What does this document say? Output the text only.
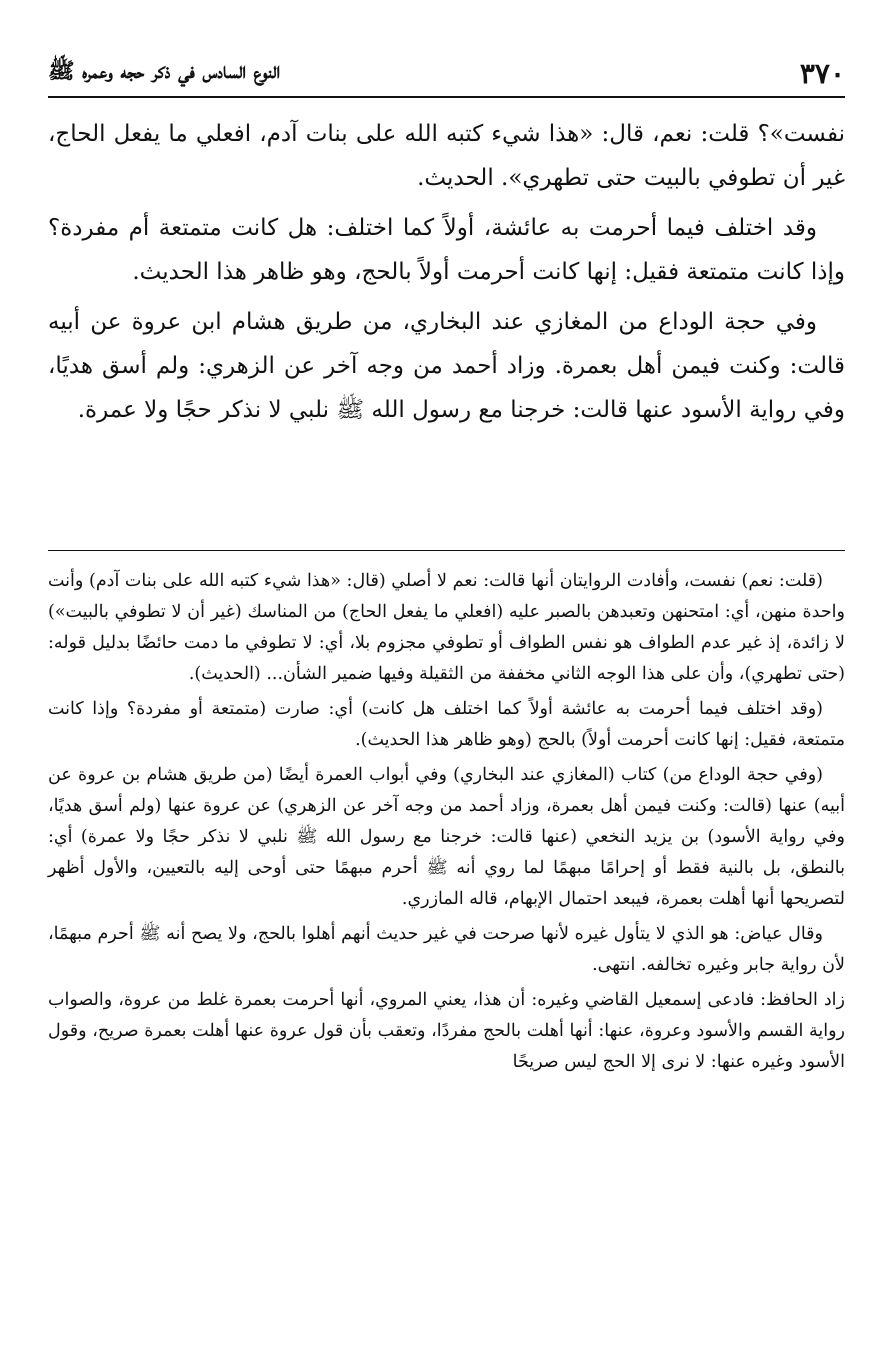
٣٧٠
النوع السادس في ذكر حجه وعمره ﷺ

نفست»؟ قلت: نعم، قال: «هذا شيء كتبه الله على بنات آدم، افعلي ما يفعل الحاج، غير أن تطوفي بالبيت حتى تطهري». الحديث.

وقد اختلف فيما أحرمت به عائشة، أولاً كما اختلف: هل كانت متمتعة أم مفردة؟ وإذا كانت متمتعة فقيل: إنها كانت أحرمت أولاً بالحج، وهو ظاهر هذا الحديث.

وفي حجة الوداع من المغازي عند البخاري، من طريق هشام ابن عروة عن أبيه قالت: وكنت فيمن أهل بعمرة. وزاد أحمد من وجه آخر عن الزهري: ولم أسق هديًا، وفي رواية الأسود عنها قالت: خرجنا مع رسول الله ﷺ نلبي لا نذكر حجًا ولا عمرة.

(قلت: نعم) نفست، وأفادت الروايتان أنها قالت: نعم لا أصلي (قال: «هذا شيء كتبه الله على بنات آدم) وأنت واحدة منهن، أي: امتحنهن وتعبدهن بالصبر عليه (افعلي ما يفعل الحاج) من المناسك (غير أن لا تطوفي بالبيت») لا زائدة، إذ غير عدم الطواف هو نفس الطواف أو تطوفي مجزوم بلا، أي: لا تطوفي ما دمت حائضًا بدليل قوله: (حتى تطهري)، وأن على هذا الوجه الثاني مخففة من الثقيلة وفيها ضمير الشأن... (الحديث).

(وقد اختلف فيما أحرمت به عائشة أولاً كما اختلف هل كانت) أي: صارت (متمتعة أو مفردة؟ وإذا كانت متمتعة، فقيل: إنها كانت أحرمت أولاً) بالحج (وهو ظاهر هذا الحديث).

(وفي حجة الوداع من) كتاب (المغازي عند البخاري) وفي أبواب العمرة أيضًا (من طريق هشام بن عروة عن أبيه) عنها (قالت: وكنت فيمن أهل بعمرة، وزاد أحمد من وجه آخر عن الزهري) عن عروة عنها (ولم أسق هديًا، وفي رواية الأسود) بن يزيد النخعي (عنها قالت: خرجنا مع رسول الله ﷺ نلبي لا نذكر حجًا ولا عمرة) أي: بالنطق، بل بالنية فقط أو إحرامًا مبهمًا لما روي أنه ﷺ أحرم مبهمًا حتى أوحى إليه بالتعيين، والأول أظهر لتصريحها أنها أهلت بعمرة، فيبعد احتمال الإبهام، قاله المازري.

وقال عياض: هو الذي لا يتأول غيره لأنها صرحت في غير حديث أنهم أهلوا بالحج، ولا يصح أنه ﷺ أحرم مبهمًا، لأن رواية جابر وغيره تخالفه. انتهى.

زاد الحافظ: فادعى إسمعيل القاضي وغيره: أن هذا، يعني المروي، أنها أحرمت بعمرة غلط من عروة، والصواب رواية القسم والأسود وعروة، عنها: أنها أهلت بالحج مفردًا، وتعقب بأن قول عروة عنها أهلت بعمرة صريح، وقول الأسود وغيره عنها: لا نرى إلا الحج ليس صريحًا
